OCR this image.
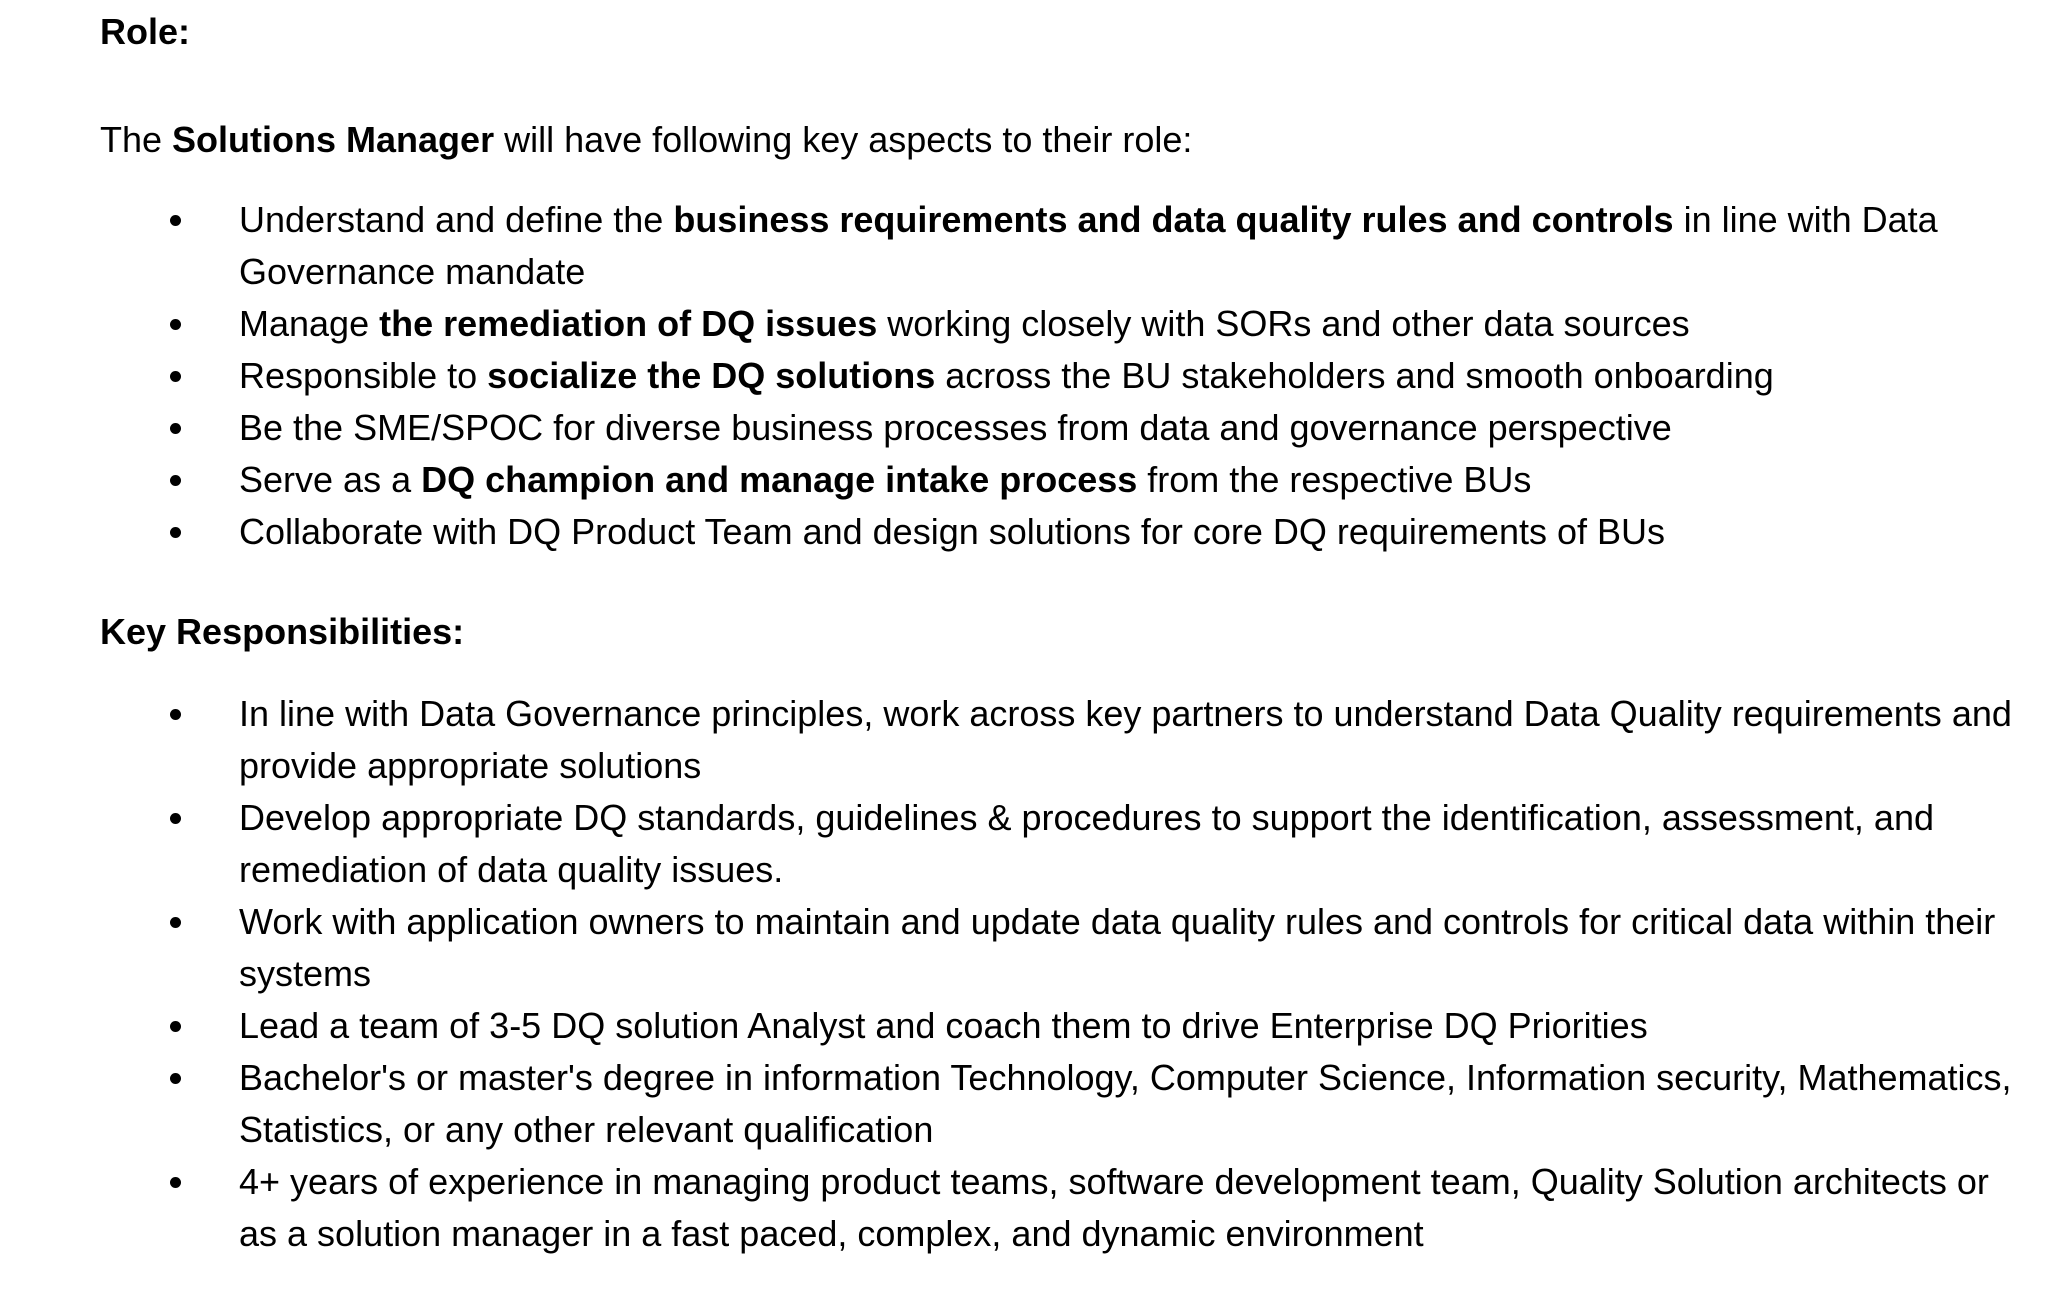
Role:

The Solutions Manager will have following key aspects to their role:

Understand and define the business requirements and data quality rules and controls in line with Data Governance mandate
Manage the remediation of DQ issues working closely with SORs and other data sources
Responsible to socialize the DQ solutions across the BU stakeholders and smooth onboarding
Be the SME/SPOC for diverse business processes from data and governance perspective
Serve as a DQ champion and manage intake process from the respective BUs
Collaborate with DQ Product Team and design solutions for core DQ requirements of BUs
Key Responsibilities:
In line with Data Governance principles, work across key partners to understand Data Quality requirements and provide appropriate solutions
Develop appropriate DQ standards, guidelines & procedures to support the identification, assessment, and remediation of data quality issues.
Work with application owners to maintain and update data quality rules and controls for critical data within their systems
Lead a team of 3-5 DQ solution Analyst and coach them to drive Enterprise DQ Priorities
Bachelor's or master's degree in information Technology, Computer Science, Information security, Mathematics, Statistics, or any other relevant qualification
4+ years of experience in managing product teams, software development team, Quality Solution architects or as a solution manager in a fast paced, complex, and dynamic environment
